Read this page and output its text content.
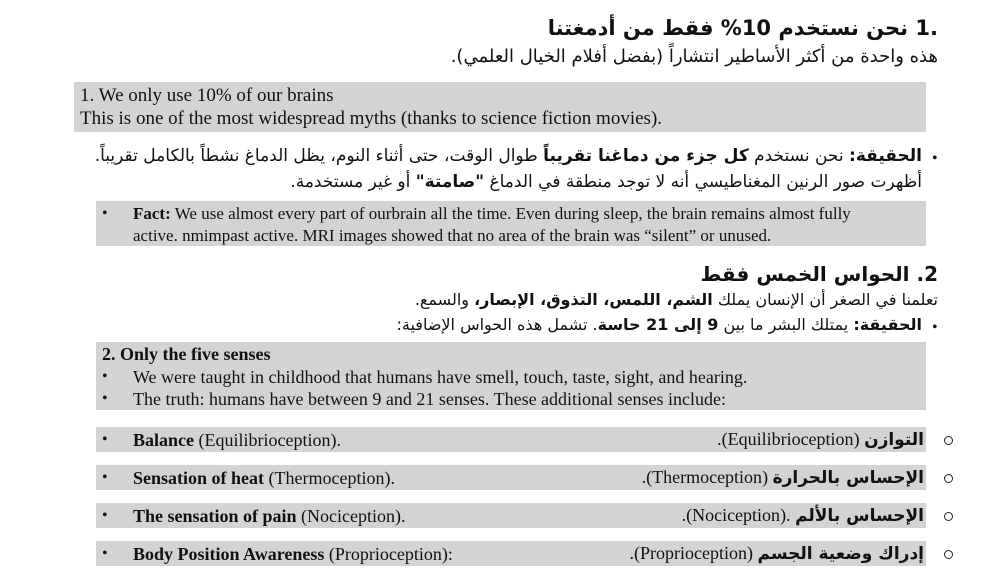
.1 نحن نستخدم 10% فقط من أدمغتنا
هذه واحدة من أكثر الأساطير انتشاراً (بفضل أفلام الخيال العلمي).
1. We only use 10% of our brains
This is one of the most widespread myths (thanks to science fiction movies).
•
الحقيقة: نحن نستخدم كل جزء من دماغنا تقريباً طوال الوقت، حتى أثناء النوم، يظل الدماغ نشطاً بالكامل تقريباً.
أظهرت صور الرنين المغناطيسي أنه لا توجد منطقة في الدماغ "صامتة" أو غير مستخدمة.
• Fact: We use almost every part of ourbrain all the time. Even during sleep, the brain remains almost fully
active. nmimpast active. MRI images showed that no area of the brain was “silent” or unused.
2. الحواس الخمس فقط
تعلمنا في الصغر أن الإنسان يملك الشم، اللمس، التذوق، الإبصار، والسمع.
•
الحقيقة: يمتلك البشر ما بين 9 إلى 21 حاسة. تشمل هذه الحواس الإضافية:
2. Only the five senses
• We were taught in childhood that humans have smell, touch, taste, sight, and hearing.
• The truth: humans have between 9 and 21 senses. These additional senses include:
• Balance (Equilibrioception).	التوازن (Equilibrioception).
• Sensation of heat (Thermoception).	الإحساس بالحرارة (Thermoception).
• The sensation of pain (Nociception).	الإحساس بالألم .(Nociception).
• Body Position Awareness (Proprioception):	إدراك وضعية الجسم (Proprioception).
